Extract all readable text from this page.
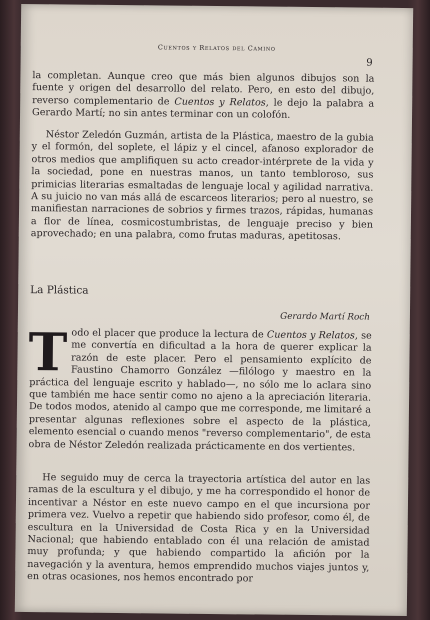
Cuentos y Relatos del Camino
9

la completan. Aunque creo que más bien algunos dibujos son la fuente y origen del desarrollo del relato. Pero, en esto del dibujo, reverso complementario de Cuentos y Relatos, le dejo la palabra a Gerardo Martí; no sin antes terminar con un colofón.

Néstor Zeledón Guzmán, artista de la Plástica, maestro de la gubia y el formón, del soplete, el lápiz y el cincel, afanoso explorador de otros medios que amplifiquen su acto creador-intérprete de la vida y la sociedad, pone en nuestras manos, un tanto tembloroso, sus primicias literarias esmaltadas de lenguaje local y agilidad narrativa. A su juicio no van más allá de escarceos literarios; pero al nuestro, se manifiestan narraciones de sobrios y firmes trazos, rápidas, humanas a flor de línea, cosmicostumbristas, de lenguaje preciso y bien aprovechado; en una palabra, como frutas maduras, apetitosas.

La Plástica
Gerardo Martí Roch

Todo el placer que produce la lectura de Cuentos y Relatos, se me convertía en dificultad a la hora de querer explicar la razón de este placer. Pero el pensamiento explícito de Faustino Chamorro González —filólogo y maestro en la práctica del lenguaje escrito y hablado—, no sólo me lo aclara sino que también me hace sentir como no ajeno a la apreciación literaria. De todos modos, atenido al campo que me corresponde, me limitaré a presentar algunas reflexiones sobre el aspecto de la plástica, elemento esencial o cuando menos "reverso complementario", de esta obra de Néstor Zeledón realizada prácticamente en dos vertientes.

He seguido muy de cerca la trayectoria artística del autor en las ramas de la escultura y el dibujo, y me ha correspondido el honor de incentivar a Néstor en este nuevo campo en el que incursiona por primera vez. Vuelvo a repetir que habiendo sido profesor, como él, de escultura en la Universidad de Costa Rica y en la Universidad Nacional; que habiendo entablado con él una relación de amistad muy profunda; y que habiendo compartido la afición por la navegación y la aventura, hemos emprendido muchos viajes juntos y, en otras ocasiones, nos hemos encontrado por
